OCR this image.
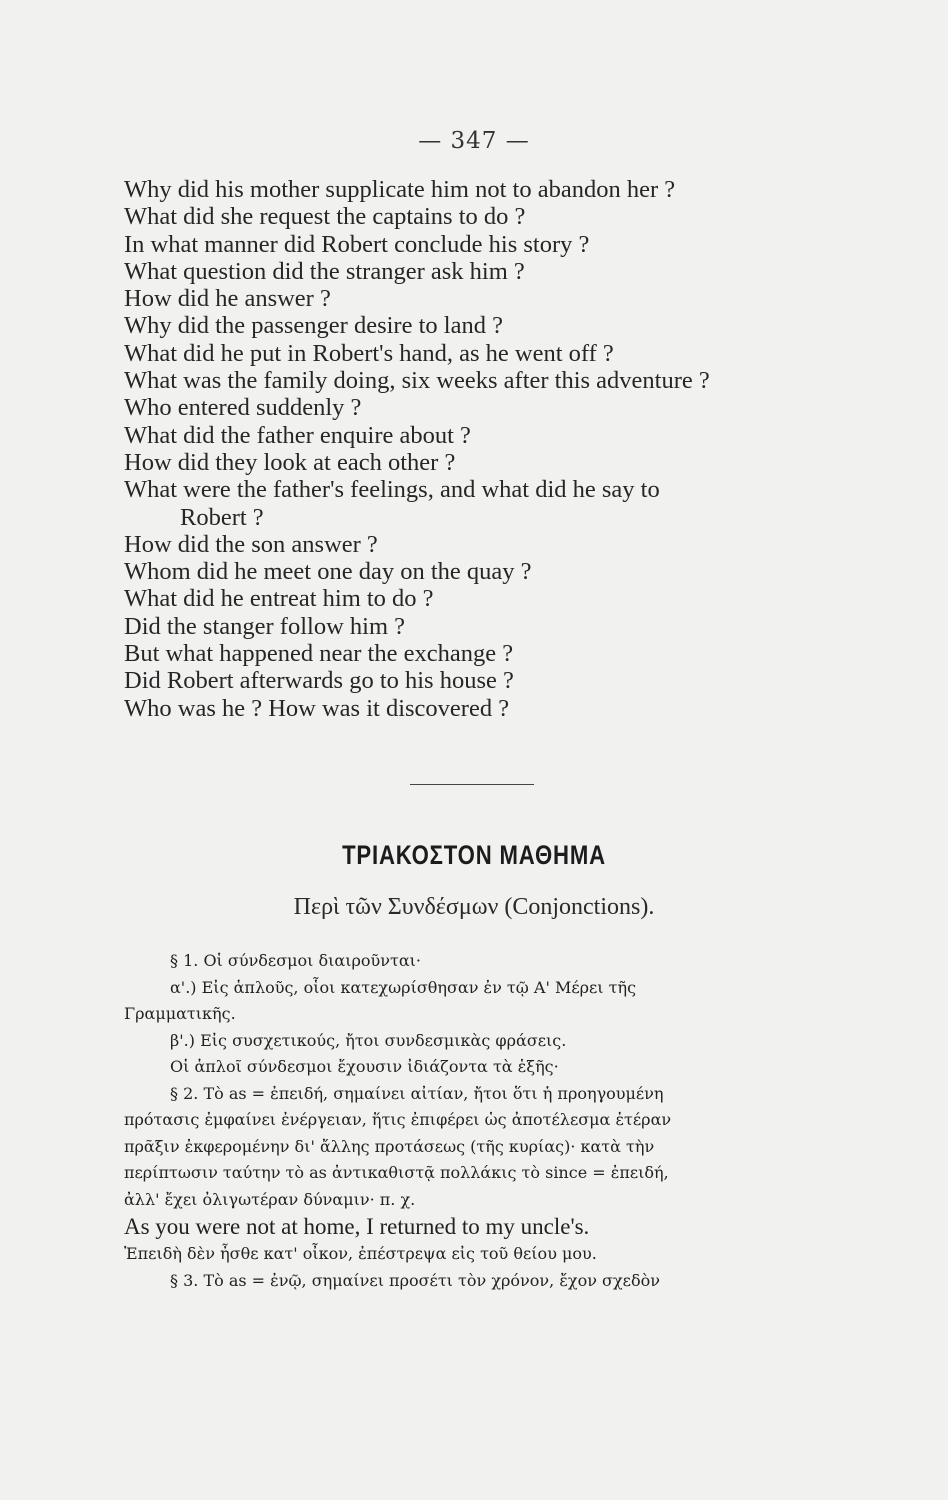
— 347 —
Why did his mother supplicate him not to abandon her ?
What did she request the captains to do ?
In what manner did Robert conclude his story ?
What question did the stranger ask him ?
How did he answer ?
Why did the passenger desire to land ?
What did he put in Robert's hand, as he went off ?
What was the family doing, six weeks after this adventure ?
Who entered suddenly ?
What did the father enquire about ?
How did they look at each other ?
What were the father's feelings, and what did he say to
Robert ?
How did the son answer ?
Whom did he meet one day on the quay ?
What did he entreat him to do ?
Did the stanger follow him ?
But what happened near the exchange ?
Did Robert afterwards go to his house ?
Who was he ? How was it discovered ?
ΤΡΙΑΚΟΣΤΟΝ ΜΑΘΗΜΑ
Περὶ τῶν Συνδέσμων (Conjonctions).
§ 1. Οἱ σύνδεσμοι διαιροῦνται·
α'.) Εἰς ἁπλοῦς, οἷοι κατεχωρίσθησαν ἐν τῷ Α' Μέρει τῆς
Γραμματικῆς.
β'.) Εἰς συσχετικούς, ἤτοι συνδεσμικὰς φράσεις.
Οἱ ἁπλοῖ σύνδεσμοι ἔχουσιν ἰδιάζοντα τὰ ἑξῆς·
§ 2. Τὸ as = ἐπειδή, σημαίνει αἰτίαν, ἤτοι ὅτι ἡ προηγουμένη
πρότασις ἐμφαίνει ἐνέργειαν, ἥτις ἐπιφέρει ὡς ἀποτέλεσμα ἑτέραν
πρᾶξιν ἐκφερομένην δι' ἄλλης προτάσεως (τῆς κυρίας)· κατὰ τὴν
περίπτωσιν ταύτην τὸ as ἀντικαθιστᾷ πολλάκις τὸ since = ἐπειδή,
ἀλλ' ἔχει ὀλιγωτέραν δύναμιν· π. χ.
As you were not at home, I returned to my uncle's.
Ἐπειδὴ δὲν ἦσθε κατ' οἶκον, ἐπέστρεψα εἰς τοῦ θείου μου.
§ 3. Τὸ as = ἐνῷ, σημαίνει προσέτι τὸν χρόνον, ἔχον σχεδὸν
